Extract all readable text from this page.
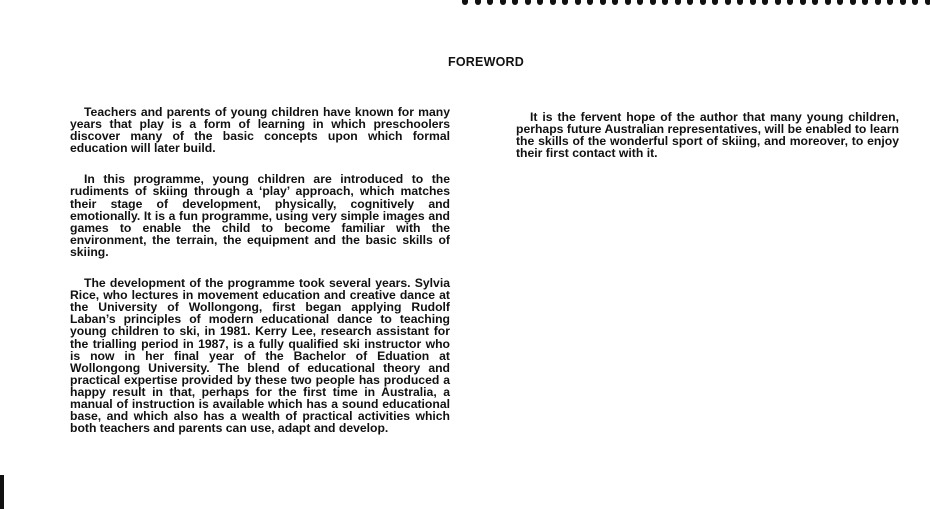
FOREWORD

Teachers and parents of young children have known for many years that play is a form of learning in which preschoolers discover many of the basic concepts upon which formal education will later build.

In this programme, young children are introduced to the rudiments of skiing through a ‘play’ approach, which matches their stage of development, physically, cognitively and emotionally. It is a fun programme, using very simple images and games to enable the child to become familiar with the environment, the terrain, the equipment and the basic skills of skiing.

The development of the programme took several years. Sylvia Rice, who lectures in movement education and creative dance at the University of Wollongong, first began applying Rudolf Laban’s principles of modern educational dance to teaching young children to ski, in 1981. Kerry Lee, research assistant for the trialling period in 1987, is a fully qualified ski instructor who is now in her final year of the Bachelor of Eduation at Wollongong University. The blend of educational theory and practical expertise provided by these two people has produced a happy result in that, perhaps for the first time in Australia, a manual of instruction is available which has a sound educational base, and which also has a wealth of practical activities which both teachers and parents can use, adapt and develop.

It is the fervent hope of the author that many young children, perhaps future Australian representatives, will be enabled to learn the skills of the wonderful sport of skiing, and moreover, to enjoy their first contact with it.
